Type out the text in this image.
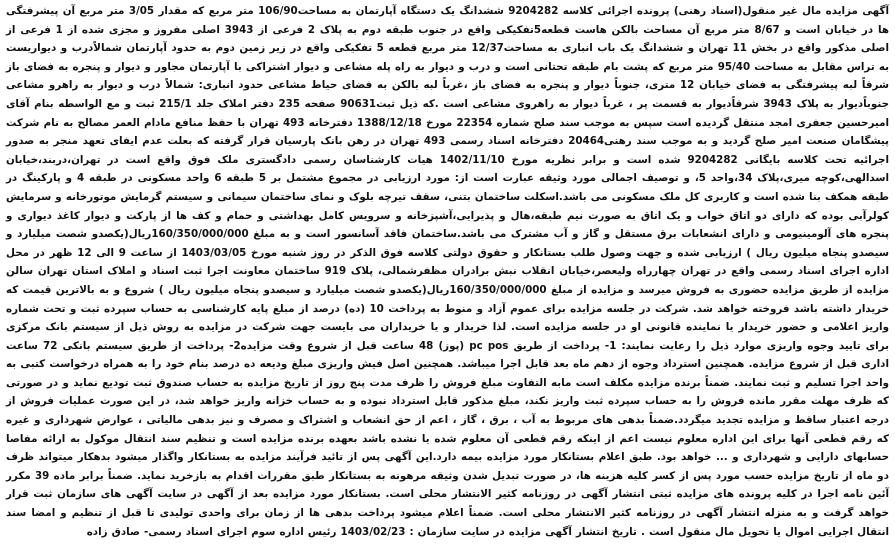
آگهی مزایده مال غیر منقول(اسناد رهنی) پرونده اجرائی کلاسه 9204282 ششدانگ یک دستگاه آپارتمان به مساحت106/90 متر مربع که مقدار 3/05 متر مربع آن پیشرفتگی ها در خیابان است و 8/67 متر مربع آن مساحت بالکن هاست قطعه5تفکیکی واقع در جنوب طبقه دوم به پلاک 2 فرعی از 3943 اصلی مفروز و مجزی شده از 1 فرعی از اصلی مذکور واقع در بخش 11 تهران و ششدانگ یک باب انباری به مساحت12/37 متر مربع قطعه 5 تفکیکی واقع در زیر زمین دوم به حدود آپارتمان شمالاًدرب و دیواریست به تراس مقابل به مساحت 95/40 متر مربع که پشت بام طبقه تحتانی است و درب و دیوار به راه پله مشاعی و دیوار اشتراکی با آپارتمان مجاور و دیوار و پنجره به فضای باز شرقاً لبه پیشرفتگی به فضای خیابان 12 متری، جنوباً دیوار و پنجره به فضای باز ،غرباً لبه بالکن به فضای حیاط مشاعی حدود انباری: شمالاً درب و دیوار به راهرو مشاعی جنوباًدیوار به پلاک 3943 شرقاًدیوار به قسمت پر ، غرباً دیوار به راهروی مشاعی است .که ذیل ثبت90631 صفحه 235 دفتر املاک جلد 215/1 ثبت و مع الواسطه بنام آقای امیرحسین جعفری امجد منتقل گردیده است سپس به موجب سند صلح شماره 22354 مورخ 1388/12/18 دفترخانه 493 تهران با حفظ منافع مادام العمر مصالح به نام شرکت پیشگامان صنعت امیر صلح گردید و به موجب سند رهنی20464 دفترخانه اسناد رسمی 493 تهران در رهن بانک پارسیان قرار گرفته که بعلت عدم ایفای تعهد منجر به صدور اجرائیه تحت کلاسه بایگانی 9204282 شده است و برابر نظریه مورخ 1402/11/10 هیات کارشناسان رسمی دادگستری ملک فوق واقع است در تهران،دربند،خیابان اسدالهی،کوچه میری،پلاک 34،واحد 5، و توصیف اجمالی مورد وثیقه عبارت است از: مورد ارزیابی در مجموع مشتمل بر 5 طبقه 6 واحد مسکونی در طبقه 4 و پارکینگ در طبقه همکف بنا شده است و کاربری کل ملک مسکونی می باشد.اسکلت ساختمان بتنی، سقف تیرچه بلوک و نمای ساختمان سیمانی و سیستم گرمایش موتورخانه و سرمایش کولرآبی بوده که دارای دو اتاق خواب و یک اتاق به صورت نیم طبقه،هال و پذیرایی،آشپزخانه و سرویس کامل بهداشتی و حمام و کف ها از پارکت و دیوار کاغذ دیواری و پنجره های آلومینیومی و دارای انشعابات برق مستقل و گاز و آب مشترک می باشد.ساختمان فاقد آسانسور است و به مبلغ 160/350/000/000ریال(یکصدو شصت میلیارد و سیصدو پنجاه میلیون ریال ) ارزیابی شده و جهت وصول طلب بستانکار و حقوق دولتی کلاسه فوق الذکر در روز شنبه مورخ 1403/03/05 از ساعت 9 الی 12 ظهر در محل اداره اجرای اسناد رسمی واقع در تهران چهارراه ولیعصر،خیابان انقلاب نبش برادران مظفرشمالی، پلاک 919 ساختمان معاونت اجرا ثبت اسناد و املاک استان تهران سالن مزایده از طریق مزایده حضوری به فروش میرسد و مزایده از مبلغ 160/350/000/000ریال(یکصدو شصت میلیارد و سیصدو پنجاه میلیون ریال ) شروع و به بالاترین قیمت که خریدار داشته باشد فروخته خواهد شد. شرکت در جلسه مزایده برای عموم آزاد و منوط به پرداخت 10 (ده) درصد از مبلغ پایه کارشناسی به حساب سپرده ثبت و تحت شماره واریز اعلامی و حضور خریدار یا نماینده قانونی او در جلسه مزایده است. لذا خریدار و یا خریداران می بایست جهت شرکت در مزایده به روش ذیل از سیستم بانک مرکزی برای تایید وجوه واریزی موارد ذیل را رعایت نمایند: 1- پرداخت از طریق pc pos (پوز) 48 ساعت قبل از شروع وقت مزایده2- پرداخت از طریق سیستم بانکی 72 ساعت اداری قبل از شروع مزایده. همچنین استرداد وجوه از دهم ماه بعد قابل اجرا میباشد. همچنین اصل فیش واریزی مبلغ ودیعه ده درصد بنام خود را به همراه درخواست کتبی به واحد اجرا تسلیم و ثبت نمایند. ضمناً برنده مزایده مکلف است مابه التفاوت مبلغ فروش را ظرف مدت پنج روز از تاریخ مزایده به حساب صندوق ثبت تودیع نماید و در صورتی که ظرف مهلت مقرر مانده فروش را به حساب سپرده ثبت واریز نکند، مبلغ مذکور قابل استرداد نبوده و به حساب خزانه واریز خواهد شد، در این صورت عملیات فروش از درجه اعتبار ساقط و مزایده تجدید میگردد.ضمناً بدهی های مربوط به آب ، برق ، گاز ، اعم از حق انشعاب و اشتراک و مصرف و نیز بدهی مالیاتی ، عوارض شهرداری و غیره که رقم قطعی آنها برای این اداره معلوم نیست اعم از اینکه رقم قطعی آن معلوم شده یا نشده باشد بعهده برنده مزایده است و تنظیم سند انتقال موکول به ارائه مفاصا حسابهای دارایی و شهرداری و ... خواهد بود. طبق اعلام بستانکار مورد مزایده بیمه دارد.این آگهی پس از تائید فرآیند مزایده به بستانکار واگذار میشود بدهکار میتواند ظرف دو ماه از تاریخ مزایده حسب مورد پس از کسر کلیه هزینه ها، در صورت تبدیل شدن وثیقه مرهونه به بستانکار طبق مقررات اقدام به بازخرید نماید. ضمناً برابر ماده 39 مکرر آئین نامه اجرا در کلیه پرونده های مزایده ثبتی انتشار آگهی در روزنامه کثیر الانتشار محلی است. بستانکار مورد مزایده بعد از آگهی در سایت آگهی های سازمان ثبت قرار خواهد گرفت و به منزله انتشار آگهی در روزنامه کثیر الانتشار محلی است. ضمناً اعلام میشود پرداخت بدهی ها از زمان برای واحدی تولیدی تا قبل از تنظیم و امضا سند انتقال اجرایی اموال یا تحویل مال منقول است . تاریخ انتشار آگهی مزایده در سایت سازمان : 1403/02/23 رئیس اداره سوم اجرای اسناد رسمی- صادق زاده
